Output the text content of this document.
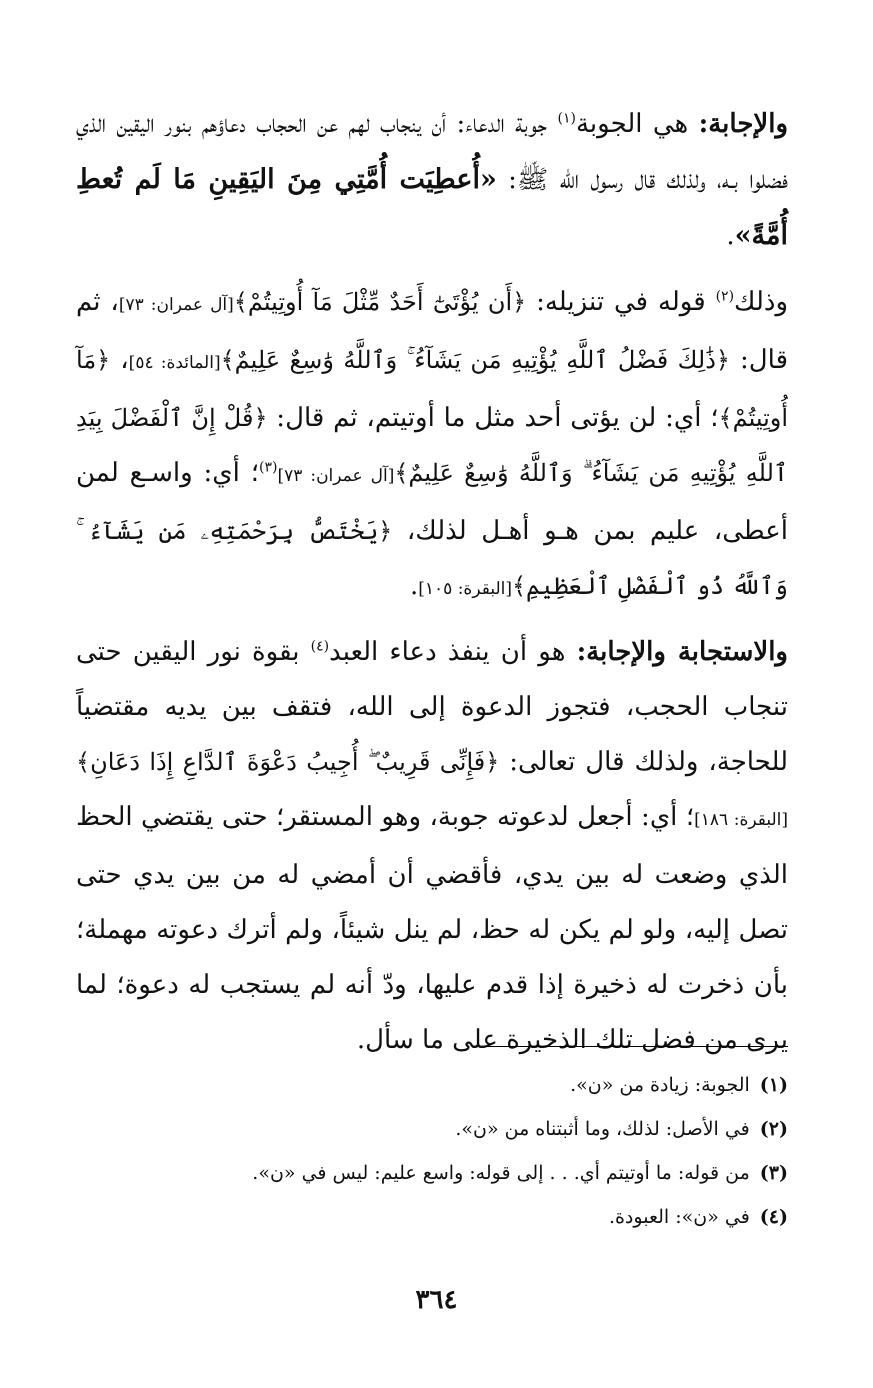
والإجابة: هي الجوبة$^{(١)}$ جوبة الدعاء: أن ينجاب لهم عن الحجاب دعاؤهم بنور اليقين الذي فضلوا بـه، ولذلك قال رسول الله ﷺ: «أُعطِيَت أُمَّتِي مِنَ اليَقِينِ مَا لَم تُعطِ أُمَّةً».
وذلك$^{(٢)}$ قوله في تنزيله: ﴿أَن يُؤْتَىٰٓ أَحَدٌ مِّثْلَ مَآ أُوتِيتُمْ﴾[آل عمران: ٧٣]، ثم قال: ﴿ذَٰلِكَ فَضْلُ ٱللَّهِ يُؤْتِيهِ مَن يَشَآءُ ۚ وَٱللَّهُ وَٰسِعٌ عَلِيمٌ﴾[المائدة: ٥٤]، ﴿مَآ أُوتِيتُمْ﴾؛ أي: لن يؤتى أحد مثل ما أوتيتم، ثم قال: ﴿قُلْ إِنَّ ٱلْفَضْلَ بِيَدِ ٱللَّهِ يُؤْتِيهِ مَن يَشَآءُ ۗ وَٱللَّهُ وَٰسِعٌ عَلِيمٌ﴾[آل عمران: ٧٣]$^{(٣)}$؛ أي: واسـع لمن أعطى، عليم بمن هـو أهـل لذلك، ﴿يَخْتَصُّ بِرَحْمَتِهِۦ مَن يَشَآءُ ۚ وَٱللَّهُ ذُو ٱلْفَضْلِ ٱلْعَظِيمِ﴾[البقرة: ١٠٥].
والاستجابة والإجابة: هو أن ينفذ دعاء العبد$^{(٤)}$ بقوة نور اليقين حتى تنجاب الحجب، فتجوز الدعوة إلى الله، فتقف بين يديه مقتضياً للحاجة، ولذلك قال تعالى: ﴿فَإِنِّى قَرِيبٌ ۖ أُجِيبُ دَعْوَةَ ٱلدَّاعِ إِذَا دَعَانِ﴾[البقرة: ١٨٦]؛ أي: أجعل لدعوته جوبة، وهو المستقر؛ حتى يقتضي الحظ الذي وضعت له بين يدي، فأقضي أن أمضي له من بين يدي حتى تصل إليه، ولو لم يكن له حظ، لم ينل شيئاً، ولم أترك دعوته مهملة؛ بأن ذخرت له ذخيرة إذا قدم عليها، ودّ أنه لم يستجب له دعوة؛ لما يرى من فضل تلك الذخيرة على ما سأل.
(١)الجوبة: زيادة من «ن».
(٢)في الأصل: لذلك، وما أثبتناه من «ن».
(٣)من قوله: ما أوتيتم أي. . . إلى قوله: واسع عليم: ليس في «ن».
(٤)في «ن»: العبودة.
٣٦٤
